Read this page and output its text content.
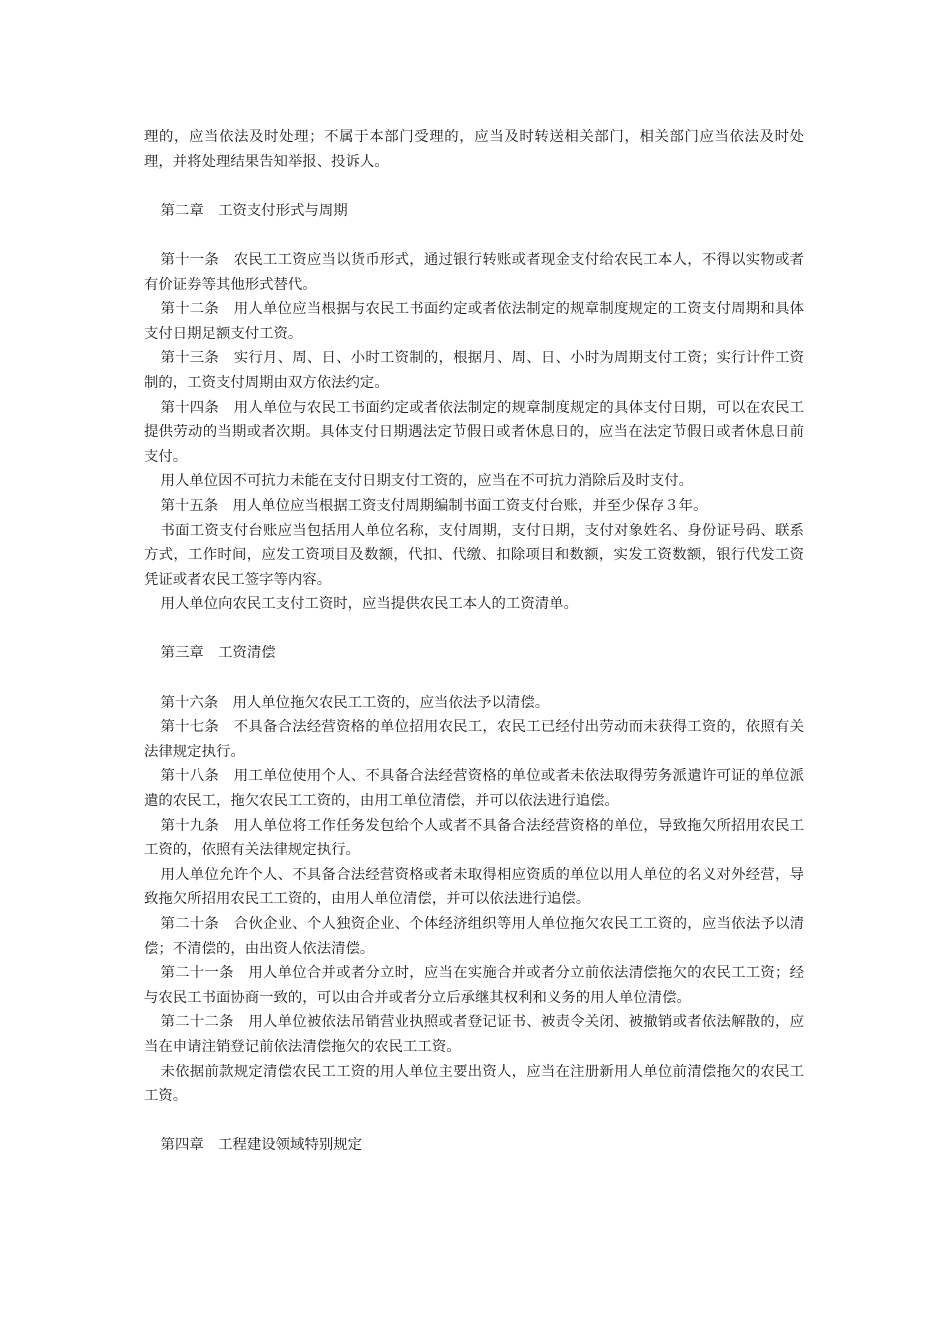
理的，应当依法及时处理；不属于本部门受理的，应当及时转送相关部门，相关部门应当依法及时处理，并将处理结果告知举报、投诉人。

第二章　工资支付形式与周期

第十一条　农民工工资应当以货币形式，通过银行转账或者现金支付给农民工本人，不得以实物或者有价证券等其他形式替代。

第十二条　用人单位应当根据与农民工书面约定或者依法制定的规章制度规定的工资支付周期和具体支付日期足额支付工资。

第十三条　实行月、周、日、小时工资制的，根据月、周、日、小时为周期支付工资；实行计件工资制的，工资支付周期由双方依法约定。

第十四条　用人单位与农民工书面约定或者依法制定的规章制度规定的具体支付日期，可以在农民工提供劳动的当期或者次期。具体支付日期遇法定节假日或者休息日的，应当在法定节假日或者休息日前支付。

用人单位因不可抗力未能在支付日期支付工资的，应当在不可抗力消除后及时支付。

第十五条　用人单位应当根据工资支付周期编制书面工资支付台账，并至少保存３年。

书面工资支付台账应当包括用人单位名称，支付周期，支付日期，支付对象姓名、身份证号码、联系方式，工作时间，应发工资项目及数额，代扣、代缴、扣除项目和数额，实发工资数额，银行代发工资凭证或者农民工签字等内容。

用人单位向农民工支付工资时，应当提供农民工本人的工资清单。

第三章　工资清偿

第十六条　用人单位拖欠农民工工资的，应当依法予以清偿。

第十七条　不具备合法经营资格的单位招用农民工，农民工已经付出劳动而未获得工资的，依照有关法律规定执行。

第十八条　用工单位使用个人、不具备合法经营资格的单位或者未依法取得劳务派遣许可证的单位派遣的农民工，拖欠农民工工资的，由用工单位清偿，并可以依法进行追偿。

第十九条　用人单位将工作任务发包给个人或者不具备合法经营资格的单位，导致拖欠所招用农民工工资的，依照有关法律规定执行。

用人单位允许个人、不具备合法经营资格或者未取得相应资质的单位以用人单位的名义对外经营，导致拖欠所招用农民工工资的，由用人单位清偿，并可以依法进行追偿。

第二十条　合伙企业、个人独资企业、个体经济组织等用人单位拖欠农民工工资的，应当依法予以清偿；不清偿的，由出资人依法清偿。

第二十一条　用人单位合并或者分立时，应当在实施合并或者分立前依法清偿拖欠的农民工工资；经与农民工书面协商一致的，可以由合并或者分立后承继其权利和义务的用人单位清偿。

第二十二条　用人单位被依法吊销营业执照或者登记证书、被责令关闭、被撤销或者依法解散的，应当在申请注销登记前依法清偿拖欠的农民工工资。

未依据前款规定清偿农民工工资的用人单位主要出资人，应当在注册新用人单位前清偿拖欠的农民工工资。

第四章　工程建设领域特别规定
